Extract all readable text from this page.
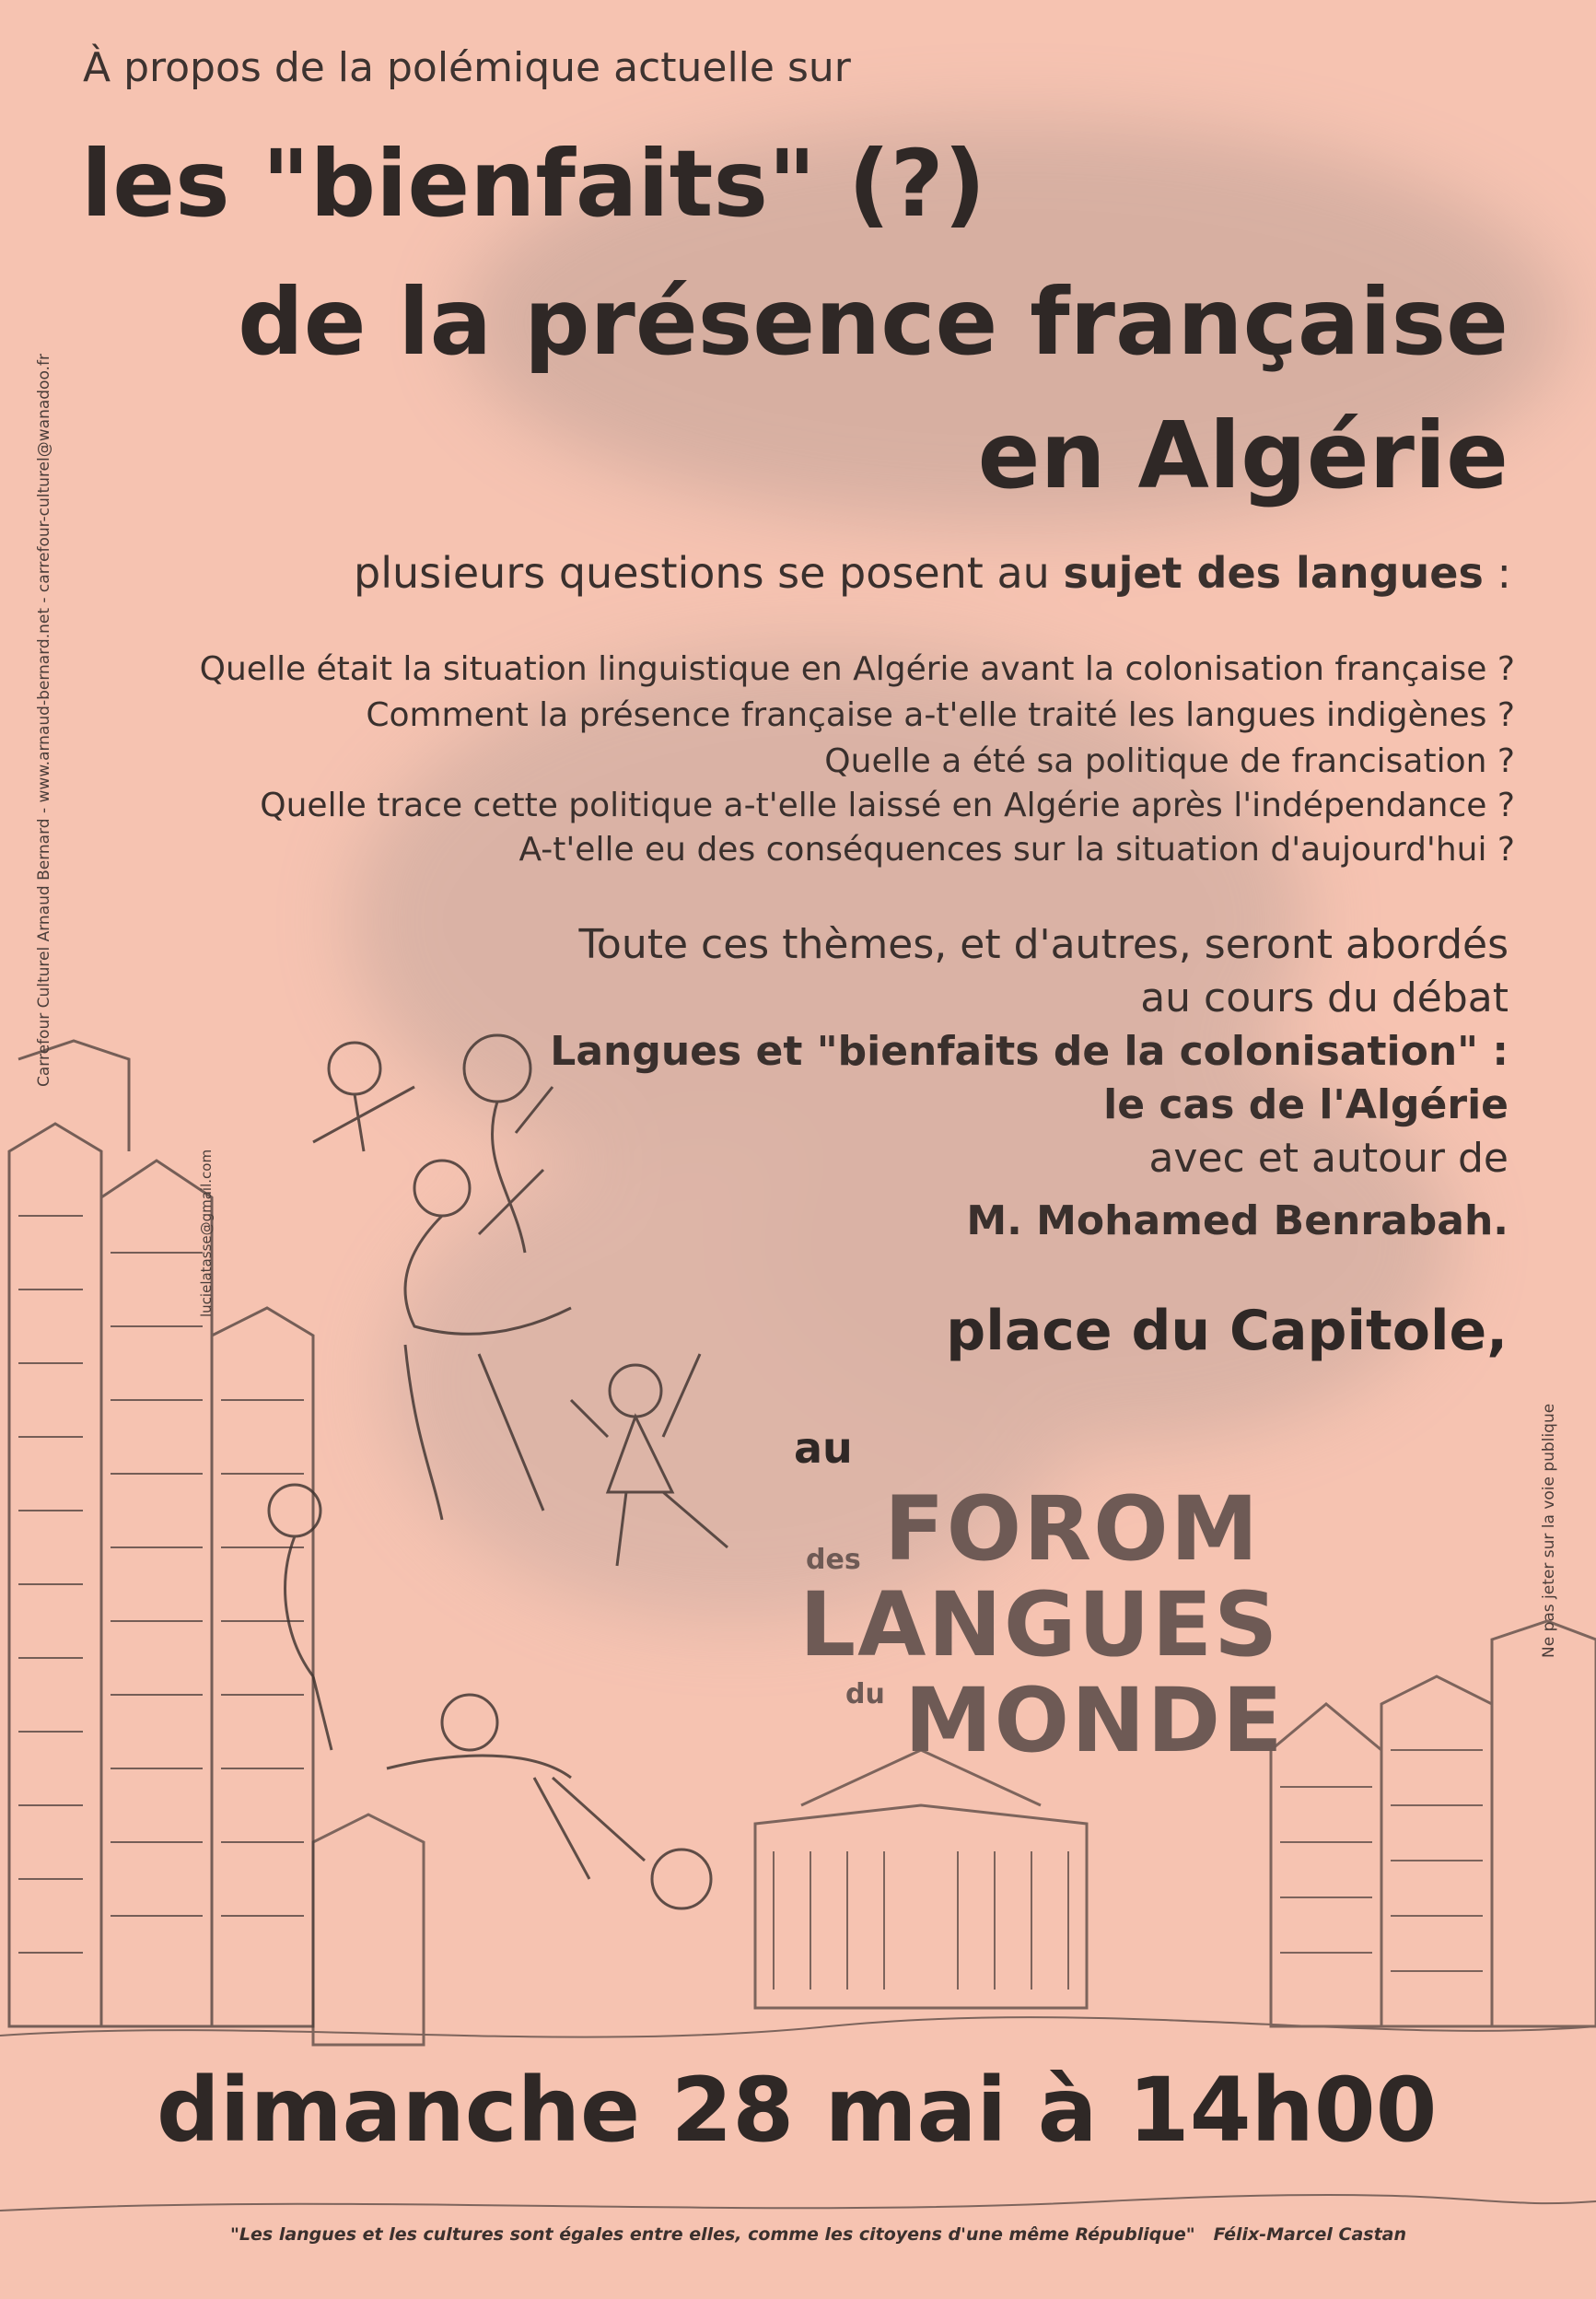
À propos de la polémique actuelle sur
les "bienfaits" (?)
de la présence française
en Algérie
plusieurs questions se posent au sujet des langues :
Quelle était la situation linguistique en Algérie avant la colonisation française ?
Comment la présence française a-t'elle traité les langues indigènes ?
Quelle a été sa politique de francisation ?
Quelle trace cette politique a-t'elle laissé en Algérie après l'indépendance ?
A-t'elle eu des conséquences sur la situation d'aujourd'hui ?
Toute ces thèmes, et d'autres, seront abordés
au cours du débat
Langues et "bienfaits de la colonisation" :
le cas de l'Algérie
avec et autour de
M. Mohamed Benrabah.
place du Capitole,
au
FOROM
des
LANGUES
du MONDE
dimanche 28 mai à 14h00
"Les langues et les cultures sont égales entre elles, comme les citoyens d'une même République" Félix-Marcel Castan
Carrefour Culturel Arnaud Bernard - www.arnaud-bernard.net - carrefour-culturel@wanadoo.fr
Ne pas jeter sur la voie publique
lucielatasse@gmail.com
